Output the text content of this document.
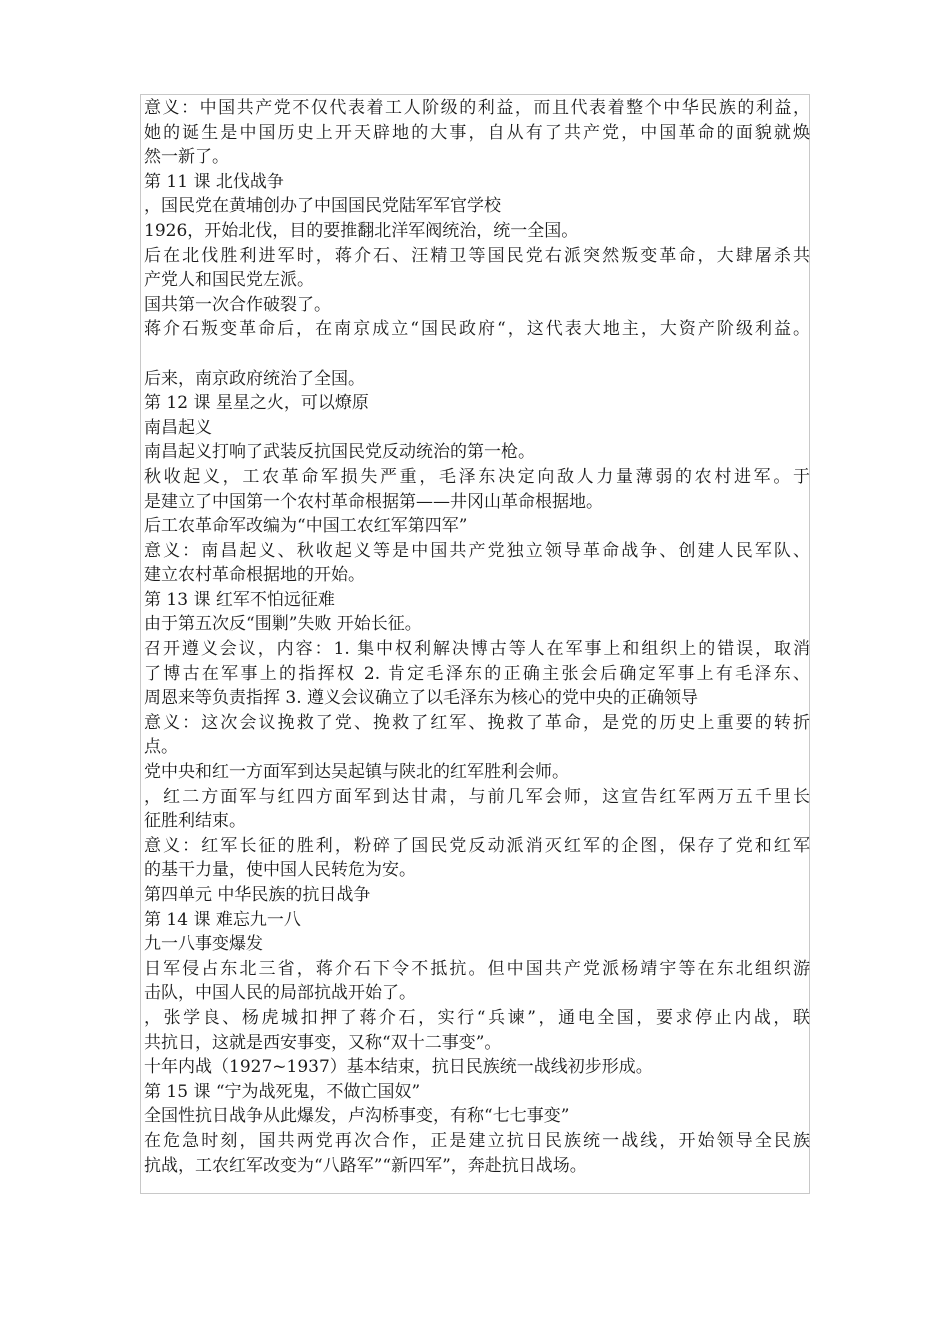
意义：中国共产党不仅代表着工人阶级的利益，而且代表着整个中华民族的利益，
她的诞生是中国历史上开天辟地的大事，自从有了共产党，中国革命的面貌就焕
然一新了。
第 11 课 北伐战争
，国民党在黄埔创办了中国国民党陆军军官学校
1926，开始北伐，目的要推翻北洋军阀统治，统一全国。
后在北伐胜利进军时，蒋介石、汪精卫等国民党右派突然叛变革命，大肆屠杀共
产党人和国民党左派。
国共第一次合作破裂了。
蒋介石叛变革命后，在南京成立“国民政府“，这代表大地主，大资产阶级利益。
后来，南京政府统治了全国。
第 12 课 星星之火，可以燎原
南昌起义
南昌起义打响了武装反抗国民党反动统治的第一枪。
秋收起义，工农革命军损失严重，毛泽东决定向敌人力量薄弱的农村进军。于
是建立了中国第一个农村革命根据第——井冈山革命根据地。
后工农革命军改编为“中国工农红军第四军”
意义：南昌起义、秋收起义等是中国共产党独立领导革命战争、创建人民军队、
建立农村革命根据地的开始。
第 13 课 红军不怕远征难
由于第五次反“围剿”失败 开始长征。
召开遵义会议，内容：1. 集中权利解决博古等人在军事上和组织上的错误，取消
了博古在军事上的指挥权 2. 肯定毛泽东的正确主张会后确定军事上有毛泽东、
周恩来等负责指挥 3. 遵义会议确立了以毛泽东为核心的党中央的正确领导
意义：这次会议挽救了党、挽救了红军、挽救了革命，是党的历史上重要的转折
点。
党中央和红一方面军到达吴起镇与陕北的红军胜利会师。
，红二方面军与红四方面军到达甘肃，与前几军会师，这宣告红军两万五千里长
征胜利结束。
意义：红军长征的胜利，粉碎了国民党反动派消灭红军的企图，保存了党和红军
的基干力量，使中国人民转危为安。
第四单元 中华民族的抗日战争
第 14 课 难忘九一八
九一八事变爆发
日军侵占东北三省，蒋介石下令不抵抗。但中国共产党派杨靖宇等在东北组织游
击队，中国人民的局部抗战开始了。
，张学良、杨虎城扣押了蒋介石，实行“兵谏”，通电全国，要求停止内战，联
共抗日，这就是西安事变，又称“双十二事变”。
十年内战（1927~1937）基本结束，抗日民族统一战线初步形成。
第 15 课 “宁为战死鬼，不做亡国奴”
全国性抗日战争从此爆发，卢沟桥事变，有称“七七事变”
在危急时刻，国共两党再次合作，正是建立抗日民族统一战线，开始领导全民族
抗战，工农红军改变为“八路军”“新四军”，奔赴抗日战场。
